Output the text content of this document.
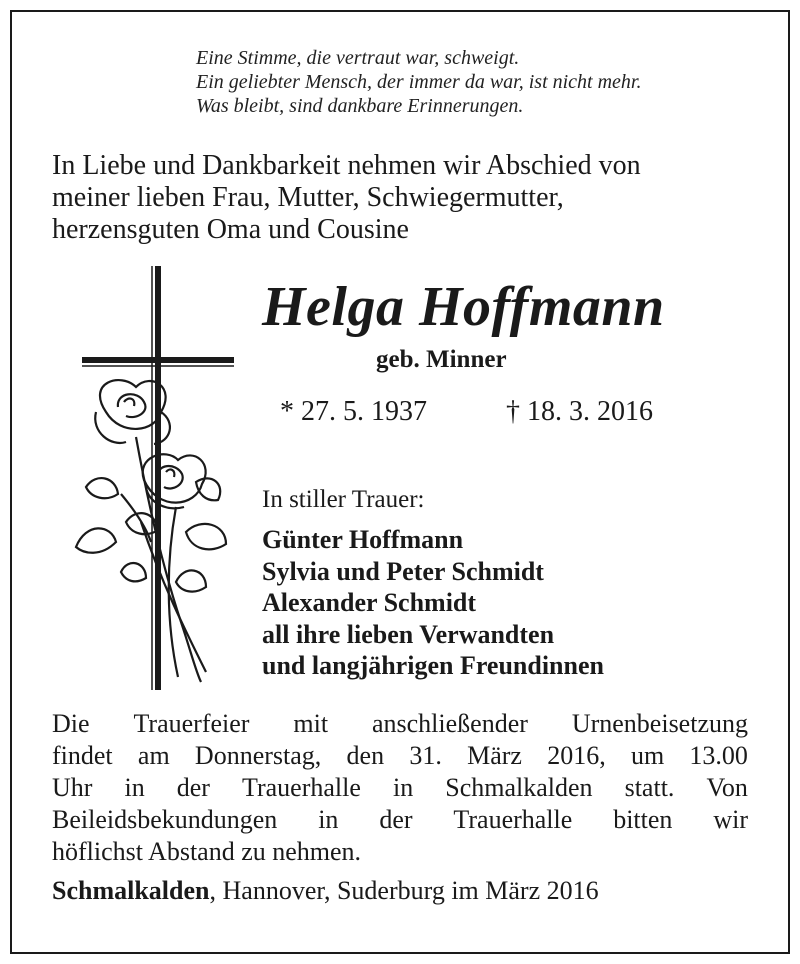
Eine Stimme, die vertraut war, schweigt.
Ein geliebter Mensch, der immer da war, ist nicht mehr.
Was bleibt, sind dankbare Erinnerungen.
In Liebe und Dankbarkeit nehmen wir Abschied von
meiner lieben Frau, Mutter, Schwiegermutter,
herzensguten Oma und Cousine
Helga Hoffmann
geb. Minner
* 27. 5. 1937	† 18. 3. 2016
In stiller Trauer:
Günter Hoffmann
Sylvia und Peter Schmidt
Alexander Schmidt
all ihre lieben Verwandten
und langjährigen Freundinnen
Die Trauerfeier mit anschließender Urnenbeisetzung
findet am Donnerstag, den 31. März 2016, um 13.00
Uhr in der Trauerhalle in Schmalkalden statt. Von
Beileidsbekundungen in der Trauerhalle bitten wir
höflichst Abstand zu nehmen.
Schmalkalden, Hannover, Suderburg im März 2016
